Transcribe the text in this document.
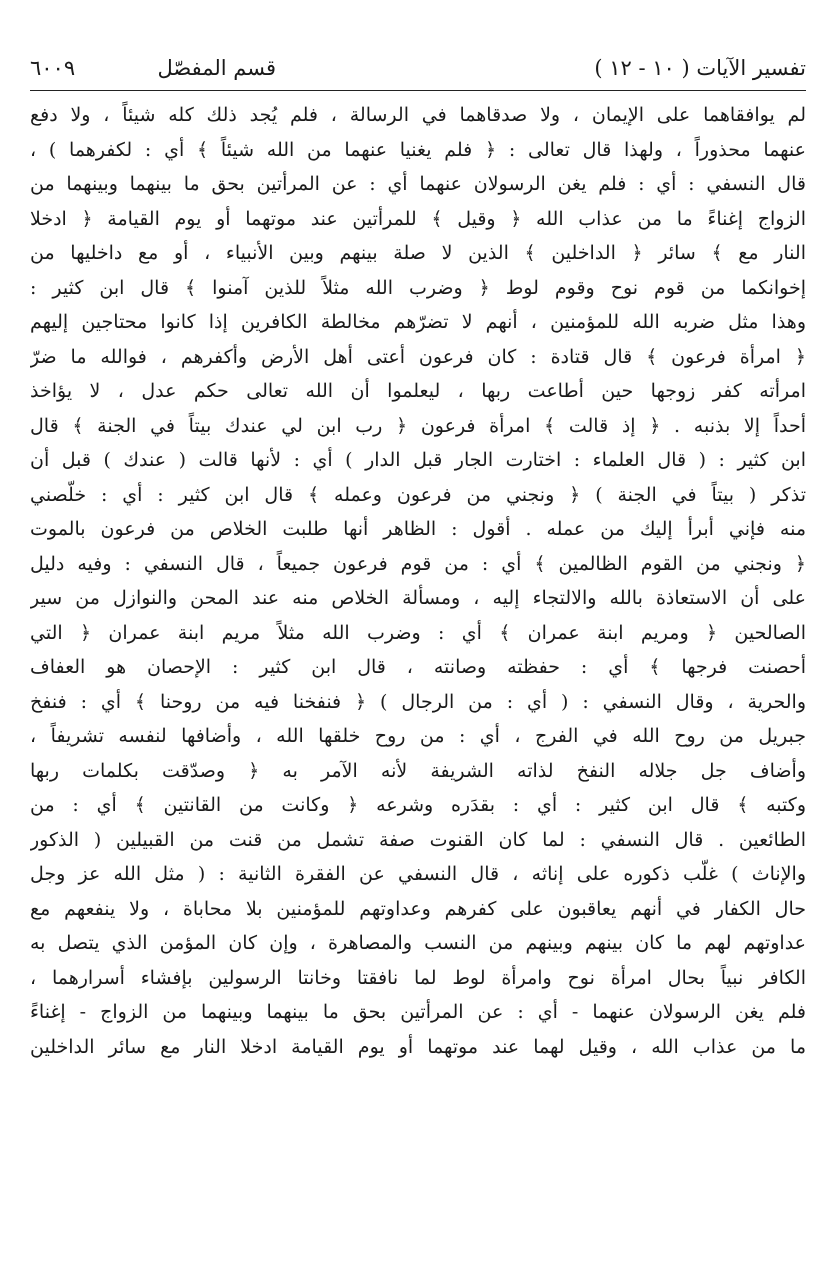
تفسير الآيات ( ١٠ - ١٢ )
قسم المفصّل
٦٠٠٩
لم يوافقاهما على الإيمان ، ولا صدقاهما في الرسالة ، فلم يُجد ذلك كله شيئاً ، ولا دفع
عنهما محذوراً ، ولهذا قال تعالى : ﴿ فلم يغنيا عنهما من الله شيئاً ﴾ أي : لكفرهما ) ،
قال النسفي : أي : فلم يغن الرسولان عنهما أي : عن المرأتين بحق ما بينهما وبينهما من
الزواج إغناءً ما من عذاب الله ﴿ وقيل ﴾ للمرأتين عند موتهما أو يوم القيامة ﴿ ادخلا
النار مع ﴾ سائر ﴿ الداخلين ﴾ الذين لا صلة بينهم وبين الأنبياء ، أو مع داخليها من
إخوانكما من قوم نوح وقوم لوط ﴿ وضرب الله مثلاً للذين آمنوا ﴾ قال ابن كثير :
وهذا مثل ضربه الله للمؤمنين ، أنهم لا تضرّهم مخالطة الكافرين إذا كانوا محتاجين إليهم
﴿ امرأة فرعون ﴾ قال قتادة : كان فرعون أعتى أهل الأرض وأكفرهم ، فوالله ما ضرّ
امرأته كفر زوجها حين أطاعت ربها ، ليعلموا أن الله تعالى حكم عدل ، لا يؤاخذ
أحداً إلا بذنبه . ﴿ إذ قالت ﴾ امرأة فرعون ﴿ رب ابن لي عندك بيتاً في الجنة ﴾ قال
ابن كثير : ( قال العلماء : اختارت الجار قبل الدار ) أي : لأنها قالت ( عندك ) قبل أن
تذكر ( بيتاً في الجنة ) ﴿ ونجني من فرعون وعمله ﴾ قال ابن كثير : أي : خلّصني
منه فإني أبرأ إليك من عمله . أقول : الظاهر أنها طلبت الخلاص من فرعون بالموت
﴿ ونجني من القوم الظالمين ﴾ أي : من قوم فرعون جميعاً ، قال النسفي : وفيه دليل
على أن الاستعاذة بالله والالتجاء إليه ، ومسألة الخلاص منه عند المحن والنوازل من سير
الصالحين ﴿ ومريم ابنة عمران ﴾ أي : وضرب الله مثلاً مريم ابنة عمران ﴿ التي
أحصنت فرجها ﴾ أي : حفظته وصانته ، قال ابن كثير : الإحصان هو العفاف
والحرية ، وقال النسفي : ( أي : من الرجال ) ﴿ فنفخنا فيه من روحنا ﴾ أي : فنفخ
جبريل من روح الله في الفرج ، أي : من روح خلقها الله ، وأضافها لنفسه تشريفاً ،
وأضاف جل جلاله النفخ لذاته الشريفة لأنه الآمر به ﴿ وصدّقت بكلمات ربها
وكتبه ﴾ قال ابن كثير : أي : بقدَره وشرعه ﴿ وكانت من القانتين ﴾ أي : من
الطائعين . قال النسفي : لما كان القنوت صفة تشمل من قنت من القبيلين ( الذكور
والإناث ) غلّب ذكوره على إناثه ، قال النسفي عن الفقرة الثانية : ( مثل الله عز وجل
حال الكفار في أنهم يعاقبون على كفرهم وعداوتهم للمؤمنين بلا محاباة ، ولا ينفعهم مع
عداوتهم لهم ما كان بينهم وبينهم من النسب والمصاهرة ، وإن كان المؤمن الذي يتصل به
الكافر نبياً بحال امرأة نوح وامرأة لوط لما نافقتا وخانتا الرسولين بإفشاء أسرارهما ،
فلم يغن الرسولان عنهما - أي : عن المرأتين بحق ما بينهما وبينهما من الزواج - إغناءً
ما من عذاب الله ، وقيل لهما عند موتهما أو يوم القيامة ادخلا النار مع سائر الداخلين
